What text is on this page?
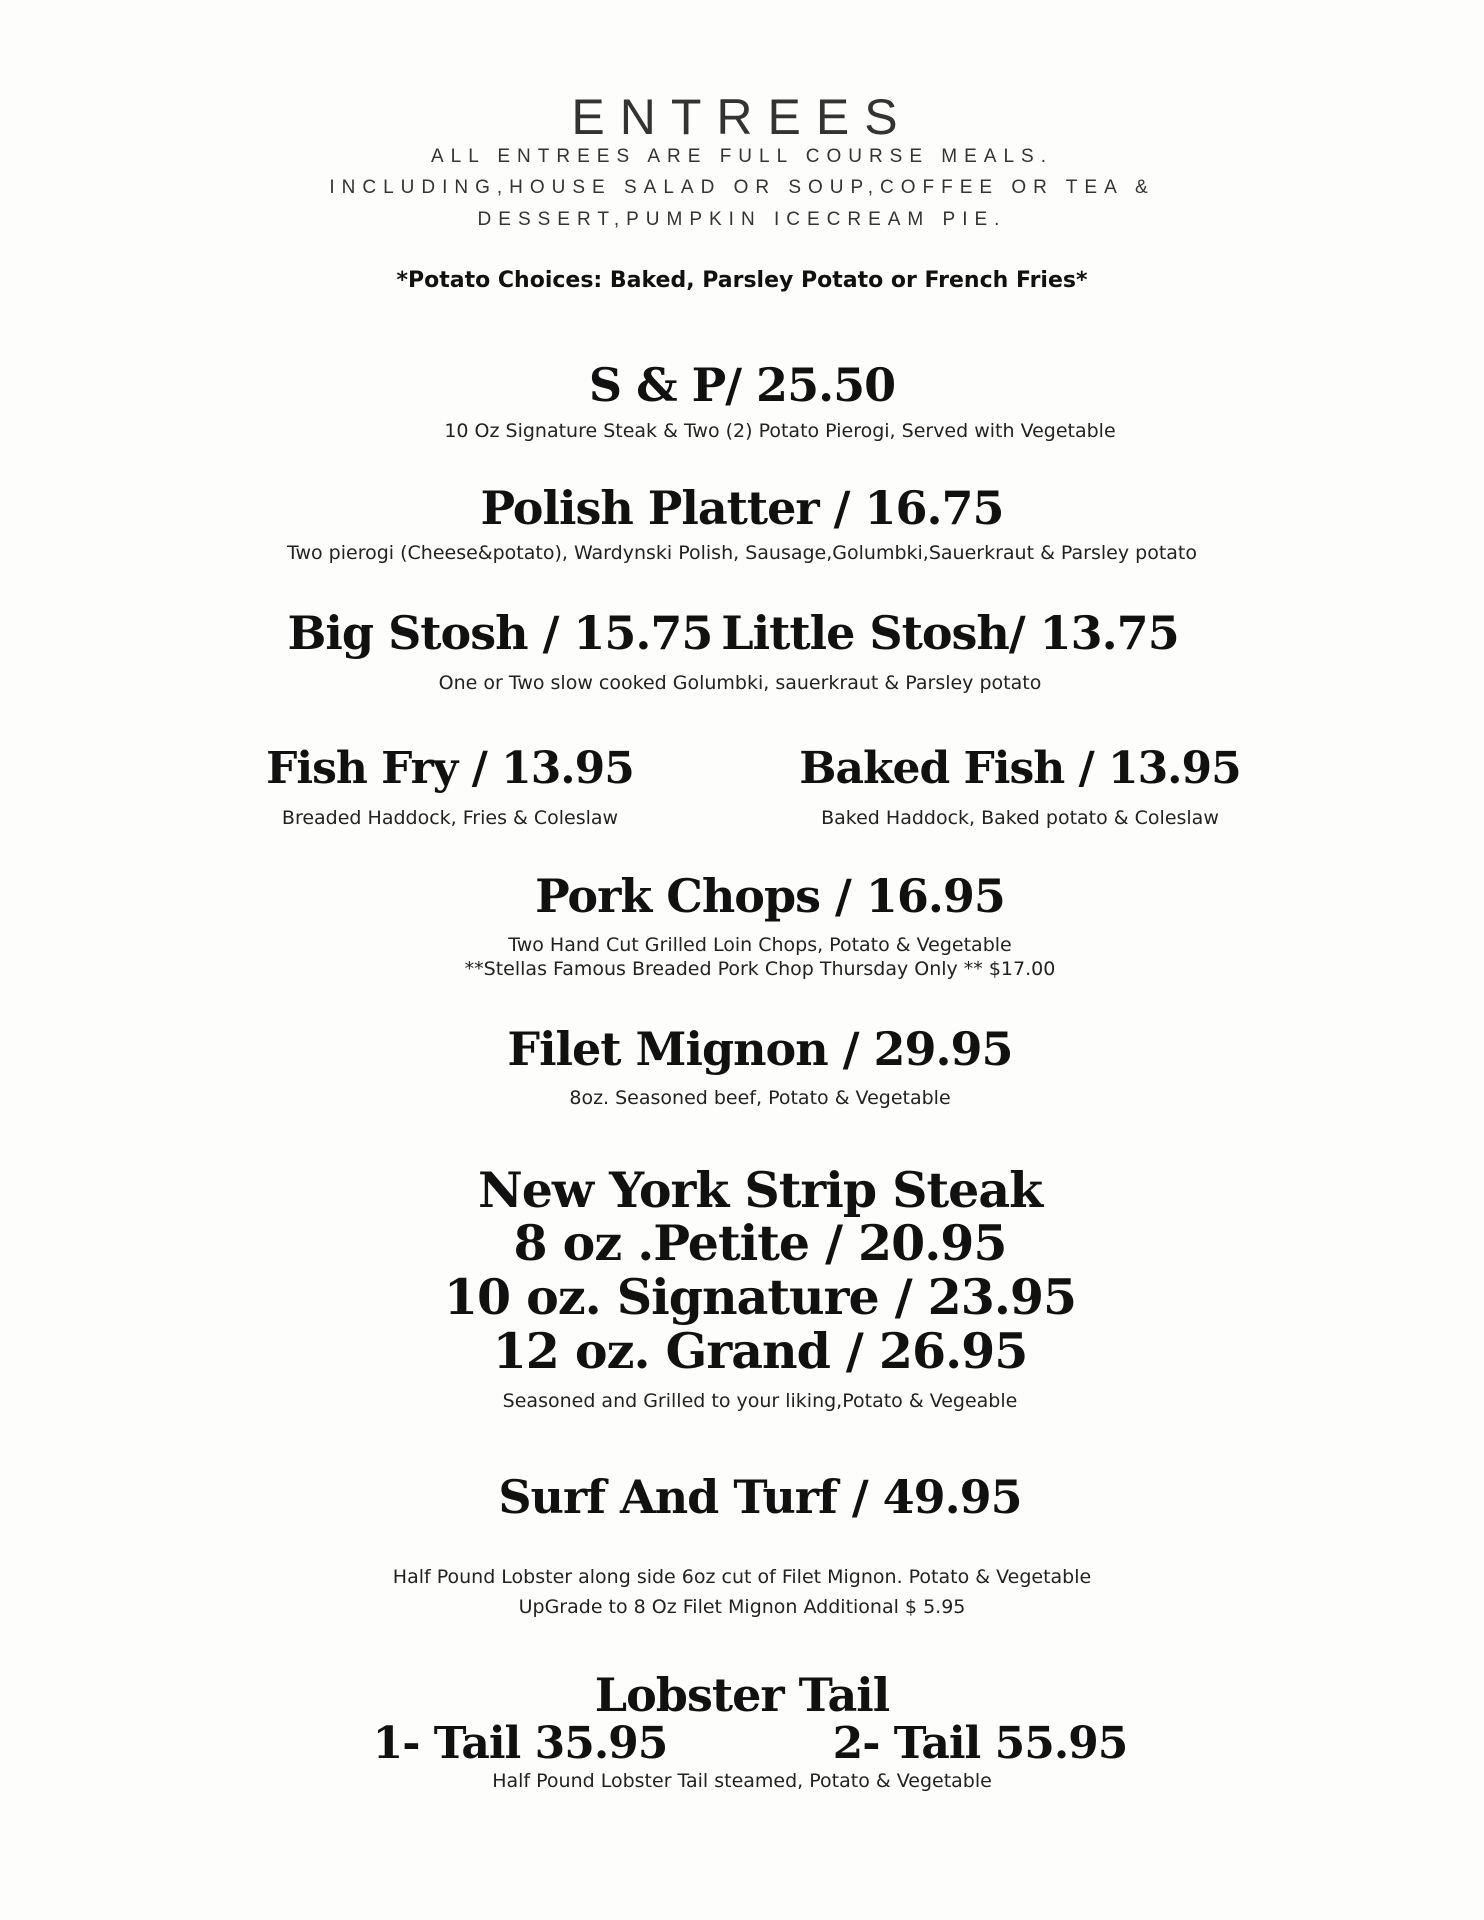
ENTREES
ALL ENTREES ARE FULL COURSE MEALS.
INCLUDING,HOUSE SALAD OR SOUP,COFFEE OR TEA &
DESSERT,PUMPKIN ICECREAM PIE.
*Potato Choices: Baked, Parsley Potato or French Fries*
S & P/ 25.50
10 Oz Signature Steak & Two (2) Potato Pierogi, Served with Vegetable
Polish Platter / 16.75
Two pierogi (Cheese&potato), Wardynski Polish, Sausage,Golumbki,Sauerkraut & Parsley potato
Big Stosh / 15.75 Little Stosh/ 13.75
One or Two slow cooked Golumbki, sauerkraut & Parsley potato
Fish Fry / 13.95
Breaded Haddock, Fries & Coleslaw
Baked Fish / 13.95
Baked Haddock, Baked potato & Coleslaw
Pork Chops / 16.95
Two Hand Cut Grilled Loin Chops, Potato & Vegetable
**Stellas Famous Breaded Pork Chop Thursday Only ** $17.00
Filet Mignon / 29.95
8oz. Seasoned beef, Potato & Vegetable
New York Strip Steak
8 oz .Petite / 20.95
10 oz. Signature / 23.95
12 oz. Grand / 26.95
Seasoned and Grilled to your liking,Potato & Vegeable
Surf And Turf / 49.95
Half Pound Lobster along side 6oz cut of Filet Mignon. Potato & Vegetable
UpGrade to 8 Oz Filet Mignon Additional $ 5.95
Lobster Tail
1- Tail 35.95	2- Tail 55.95
Half Pound Lobster Tail steamed, Potato & Vegetable
